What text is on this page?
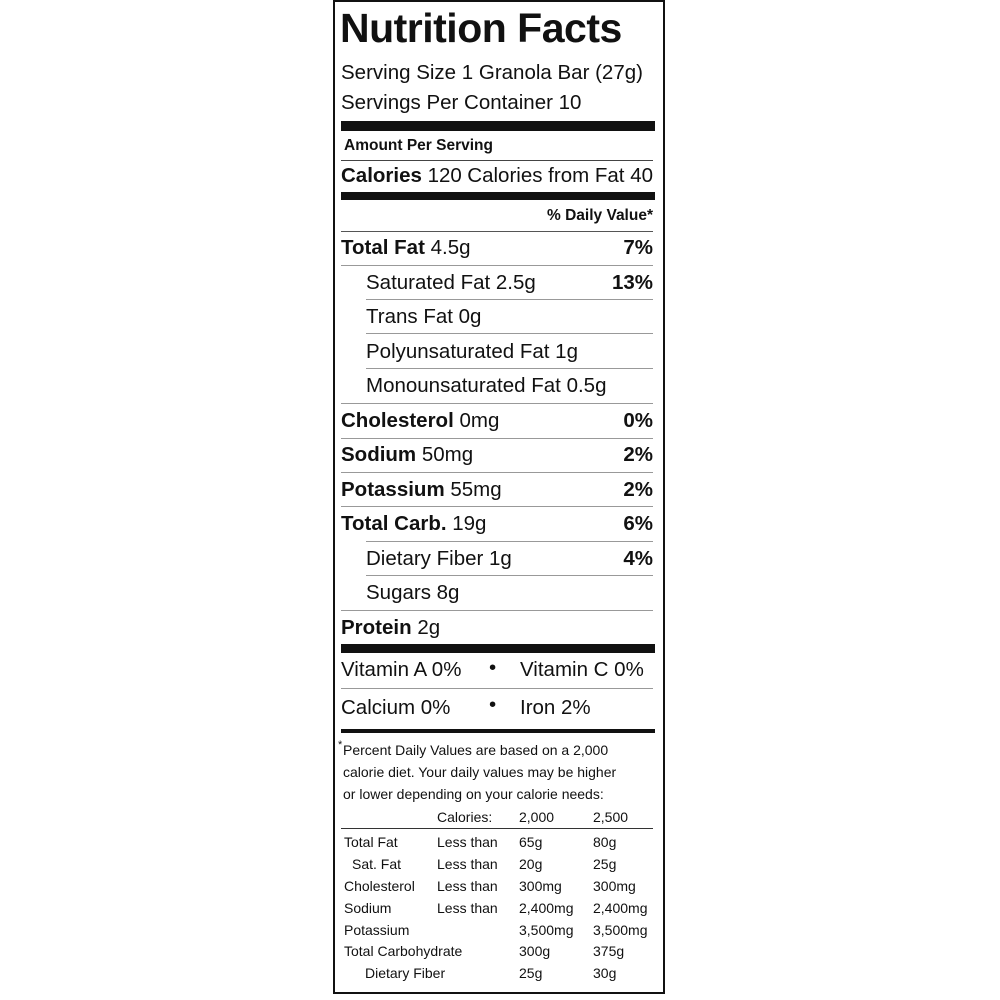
Nutrition Facts
Serving Size 1 Granola Bar (27g)
Servings Per Container 10
Amount Per Serving
Calories 120 Calories from Fat 40
% Daily Value*
Total Fat 4.5g	7%
Saturated Fat 2.5g	13%
Trans Fat 0g
Polyunsaturated Fat 1g
Monounsaturated Fat 0.5g
Cholesterol 0mg	0%
Sodium 50mg	2%
Potassium 55mg	2%
Total Carb. 19g	6%
Dietary Fiber 1g	4%
Sugars 8g
Protein 2g
Vitamin A 0% • Vitamin C 0%
Calcium 0% • Iron 2%
* Percent Daily Values are based on a 2,000
calorie diet. Your daily values may be higher
or lower depending on your calorie needs:
Calories: 2,000	2,500
Total Fat	Less than 65g	80g
Sat. Fat	Less than 20g	25g
Cholesterol Less than 300mg 300mg
Sodium	Less than 2,400mg 2,400mg
Potassium	3,500mg 3,500mg
Total Carbohydrate	300g	375g
Dietary Fiber	25g	30g
